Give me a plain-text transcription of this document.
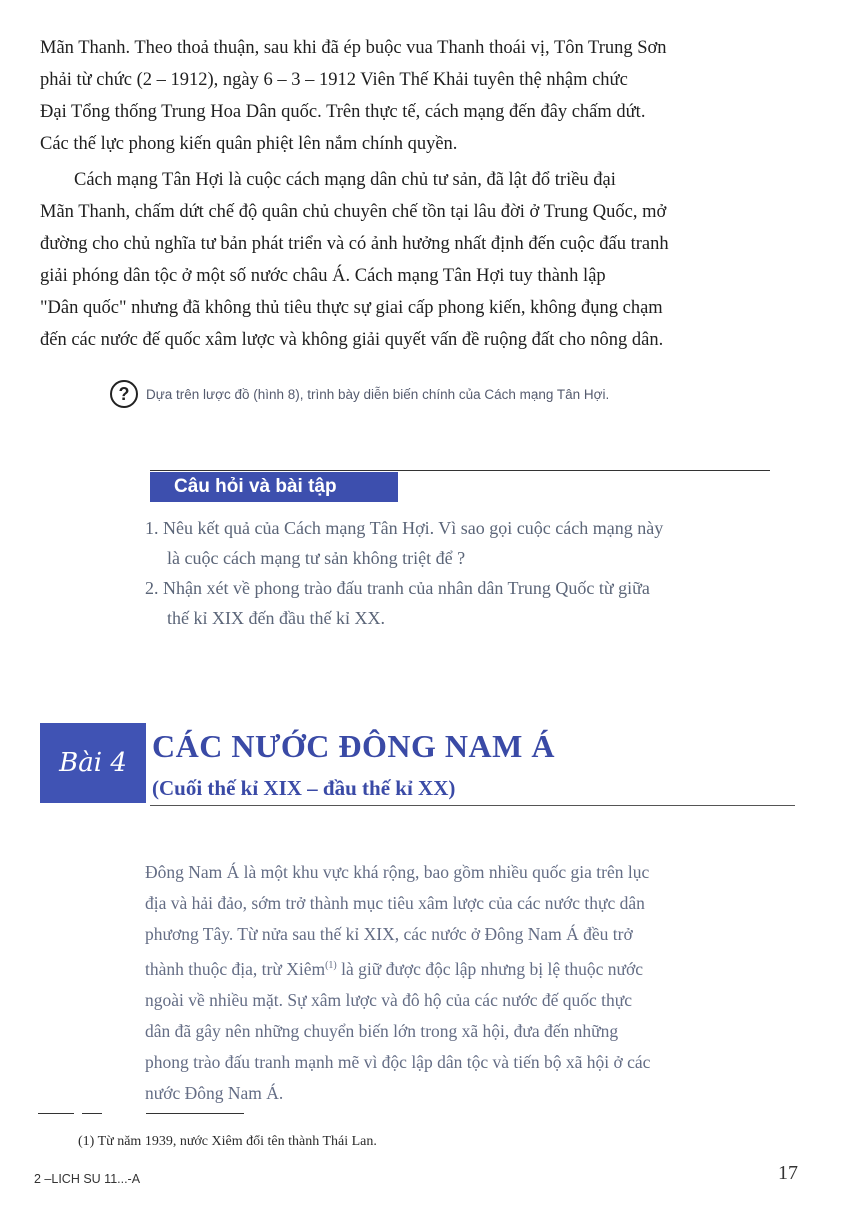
Mãn Thanh. Theo thoả thuận, sau khi đã ép buộc vua Thanh thoái vị, Tôn Trung Sơn
phải từ chức (2 – 1912), ngày 6 – 3 – 1912 Viên Thế Khải tuyên thệ nhậm chức
Đại Tổng thống Trung Hoa Dân quốc. Trên thực tế, cách mạng đến đây chấm dứt.
Các thế lực phong kiến quân phiệt lên nắm chính quyền.

Cách mạng Tân Hợi là cuộc cách mạng dân chủ tư sản, đã lật đổ triều đại
Mãn Thanh, chấm dứt chế độ quân chủ chuyên chế tồn tại lâu đời ở Trung Quốc, mở
đường cho chủ nghĩa tư bản phát triển và có ảnh hưởng nhất định đến cuộc đấu tranh
giải phóng dân tộc ở một số nước châu Á. Cách mạng Tân Hợi tuy thành lập
"Dân quốc" nhưng đã không thủ tiêu thực sự giai cấp phong kiến, không đụng chạm
đến các nước đế quốc xâm lược và không giải quyết vấn đề ruộng đất cho nông dân.

?	Dựa trên lược đồ (hình 8), trình bày diễn biến chính của Cách mạng Tân Hợi.
Câu hỏi và bài tập
1. Nêu kết quả của Cách mạng Tân Hợi. Vì sao gọi cuộc cách mạng này
là cuộc cách mạng tư sản không triệt để ?
2. Nhận xét về phong trào đấu tranh của nhân dân Trung Quốc từ giữa
thế kỉ XIX đến đầu thế kỉ XX.
Bài 4 CÁC NƯỚC ĐÔNG NAM Á
(Cuối thế kỉ XIX – đầu thế kỉ XX)

Đông Nam Á là một khu vực khá rộng, bao gồm nhiều quốc gia trên lục
địa và hải đảo, sớm trở thành mục tiêu xâm lược của các nước thực dân
phương Tây. Từ nửa sau thế kỉ XIX, các nước ở Đông Nam Á đều trở
thành thuộc địa, trừ Xiêm$^{(1)}$ là giữ được độc lập nhưng bị lệ thuộc nước
ngoài về nhiều mặt. Sự xâm lược và đô hộ của các nước đế quốc thực
dân đã gây nên những chuyển biến lớn trong xã hội, đưa đến những
phong trào đấu tranh mạnh mẽ vì độc lập dân tộc và tiến bộ xã hội ở các
nước Đông Nam Á.

(1) Từ năm 1939, nước Xiêm đổi tên thành Thái Lan.
2 –LICH SU 11...-A	17
